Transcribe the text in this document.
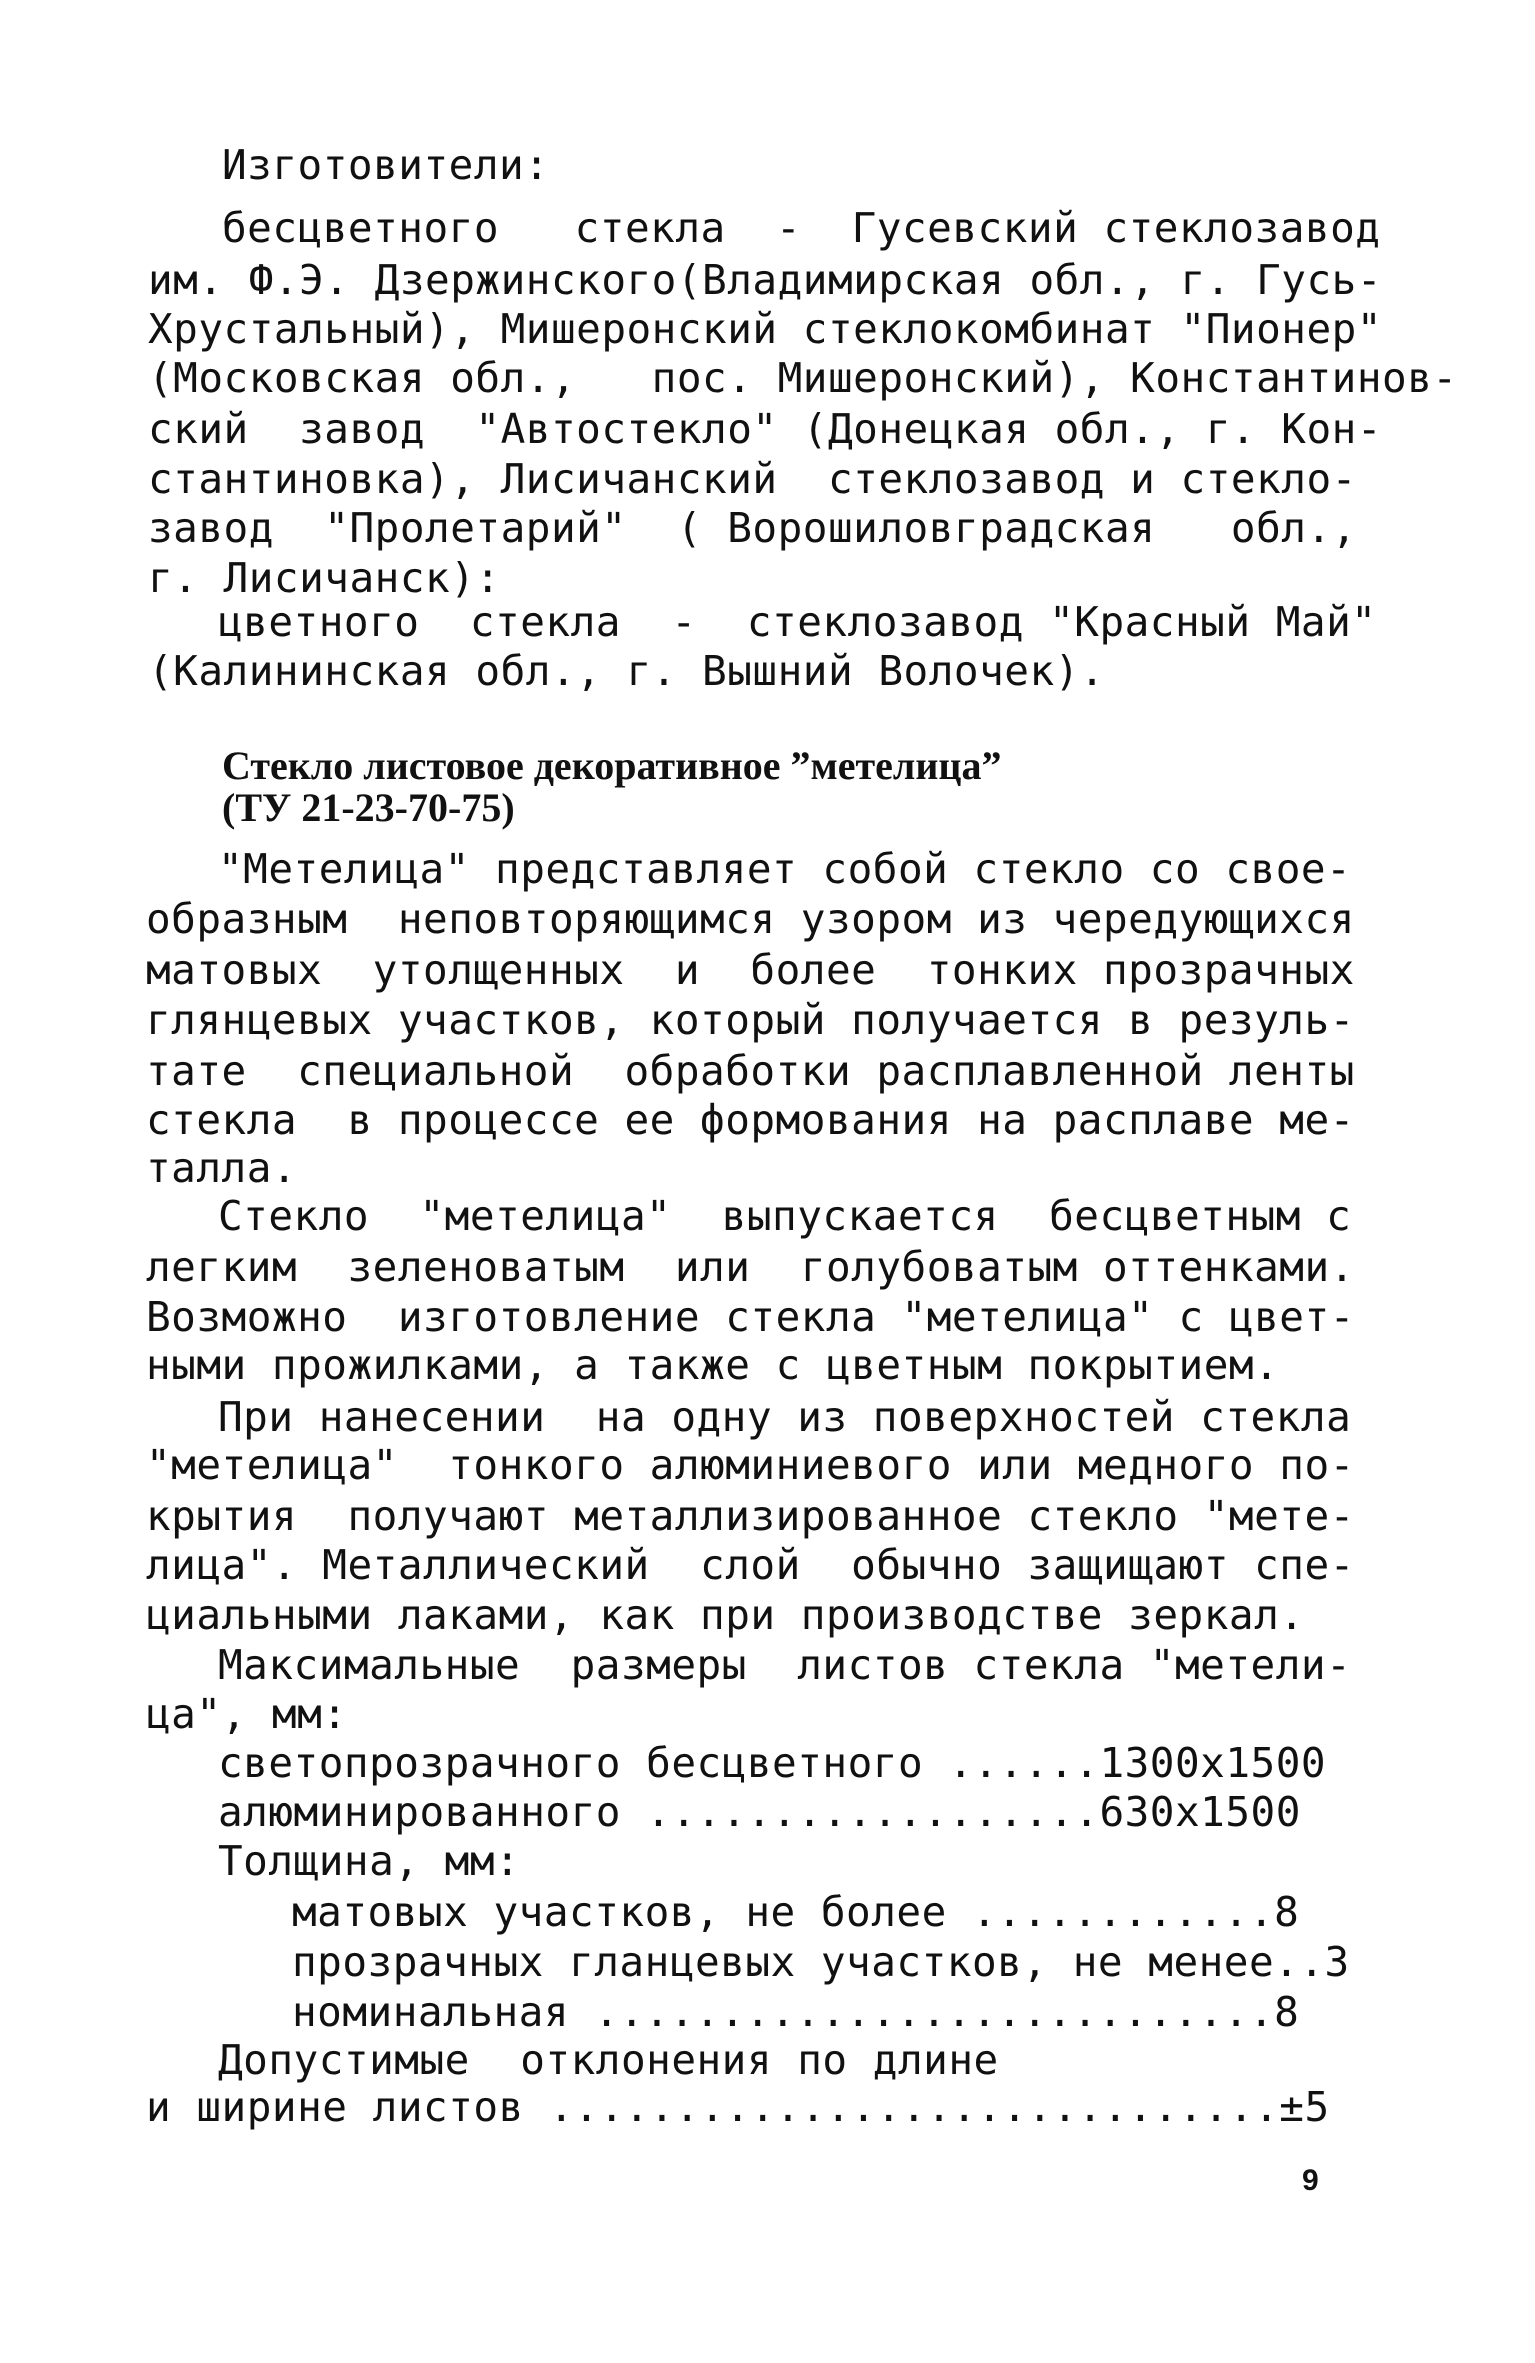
Изготовители:
бесцветного   стекла  -  Гусевский стеклозавод
им. Ф.Э. Дзержинского(Владимирская обл., г. Гусь-
Хрустальный), Мишеронский стеклокомбинат "Пионер"
(Московская обл.,   пос. Мишеронский), Константинов-
ский  завод  "Автостекло" (Донецкая обл., г. Кон-
стантиновка), Лисичанский  стеклозавод и стекло-
завод  "Пролетарий"  ( Ворошиловградская   обл.,
г. Лисичанск):
цветного  стекла  -  стеклозавод "Красный Май"
(Калининская обл., г. Вышний Волочек).
Стекло листовое декоративное ”метелица”
(ТУ 21-23-70-75)
"Метелица" представляет собой стекло со свое-
образным  неповторяющимся узором из чередующихся
матовых  утолщенных  и  более  тонких прозрачных
глянцевых участков, который получается в резуль-
тате  специальной  обработки расплавленной ленты
стекла  в процессе ее формования на расплаве ме-
талла.
Стекло  "метелица"  выпускается  бесцветным с
легким  зеленоватым  или  голубоватым оттенками.
Возможно  изготовление стекла "метелица" с цвет-
ными прожилками, а также с цветным покрытием.
При нанесении  на одну из поверхностей стекла
"метелица"  тонкого алюминиевого или медного по-
крытия  получают металлизированное стекло "мете-
лица". Металлический  слой  обычно защищают спе-
циальными лаками, как при производстве зеркал.
Максимальные  размеры  листов стекла "метели-
ца", мм:
светопрозрачного бесцветного ......1300х1500
алюминированного ..................630х1500
Толщина, мм:
матовых участков, не более ............8
прозрачных гланцевых участков, не менее..3
номинальная ...........................8
Допустимые  отклонения по длине
и ширине листов .............................±5
9
